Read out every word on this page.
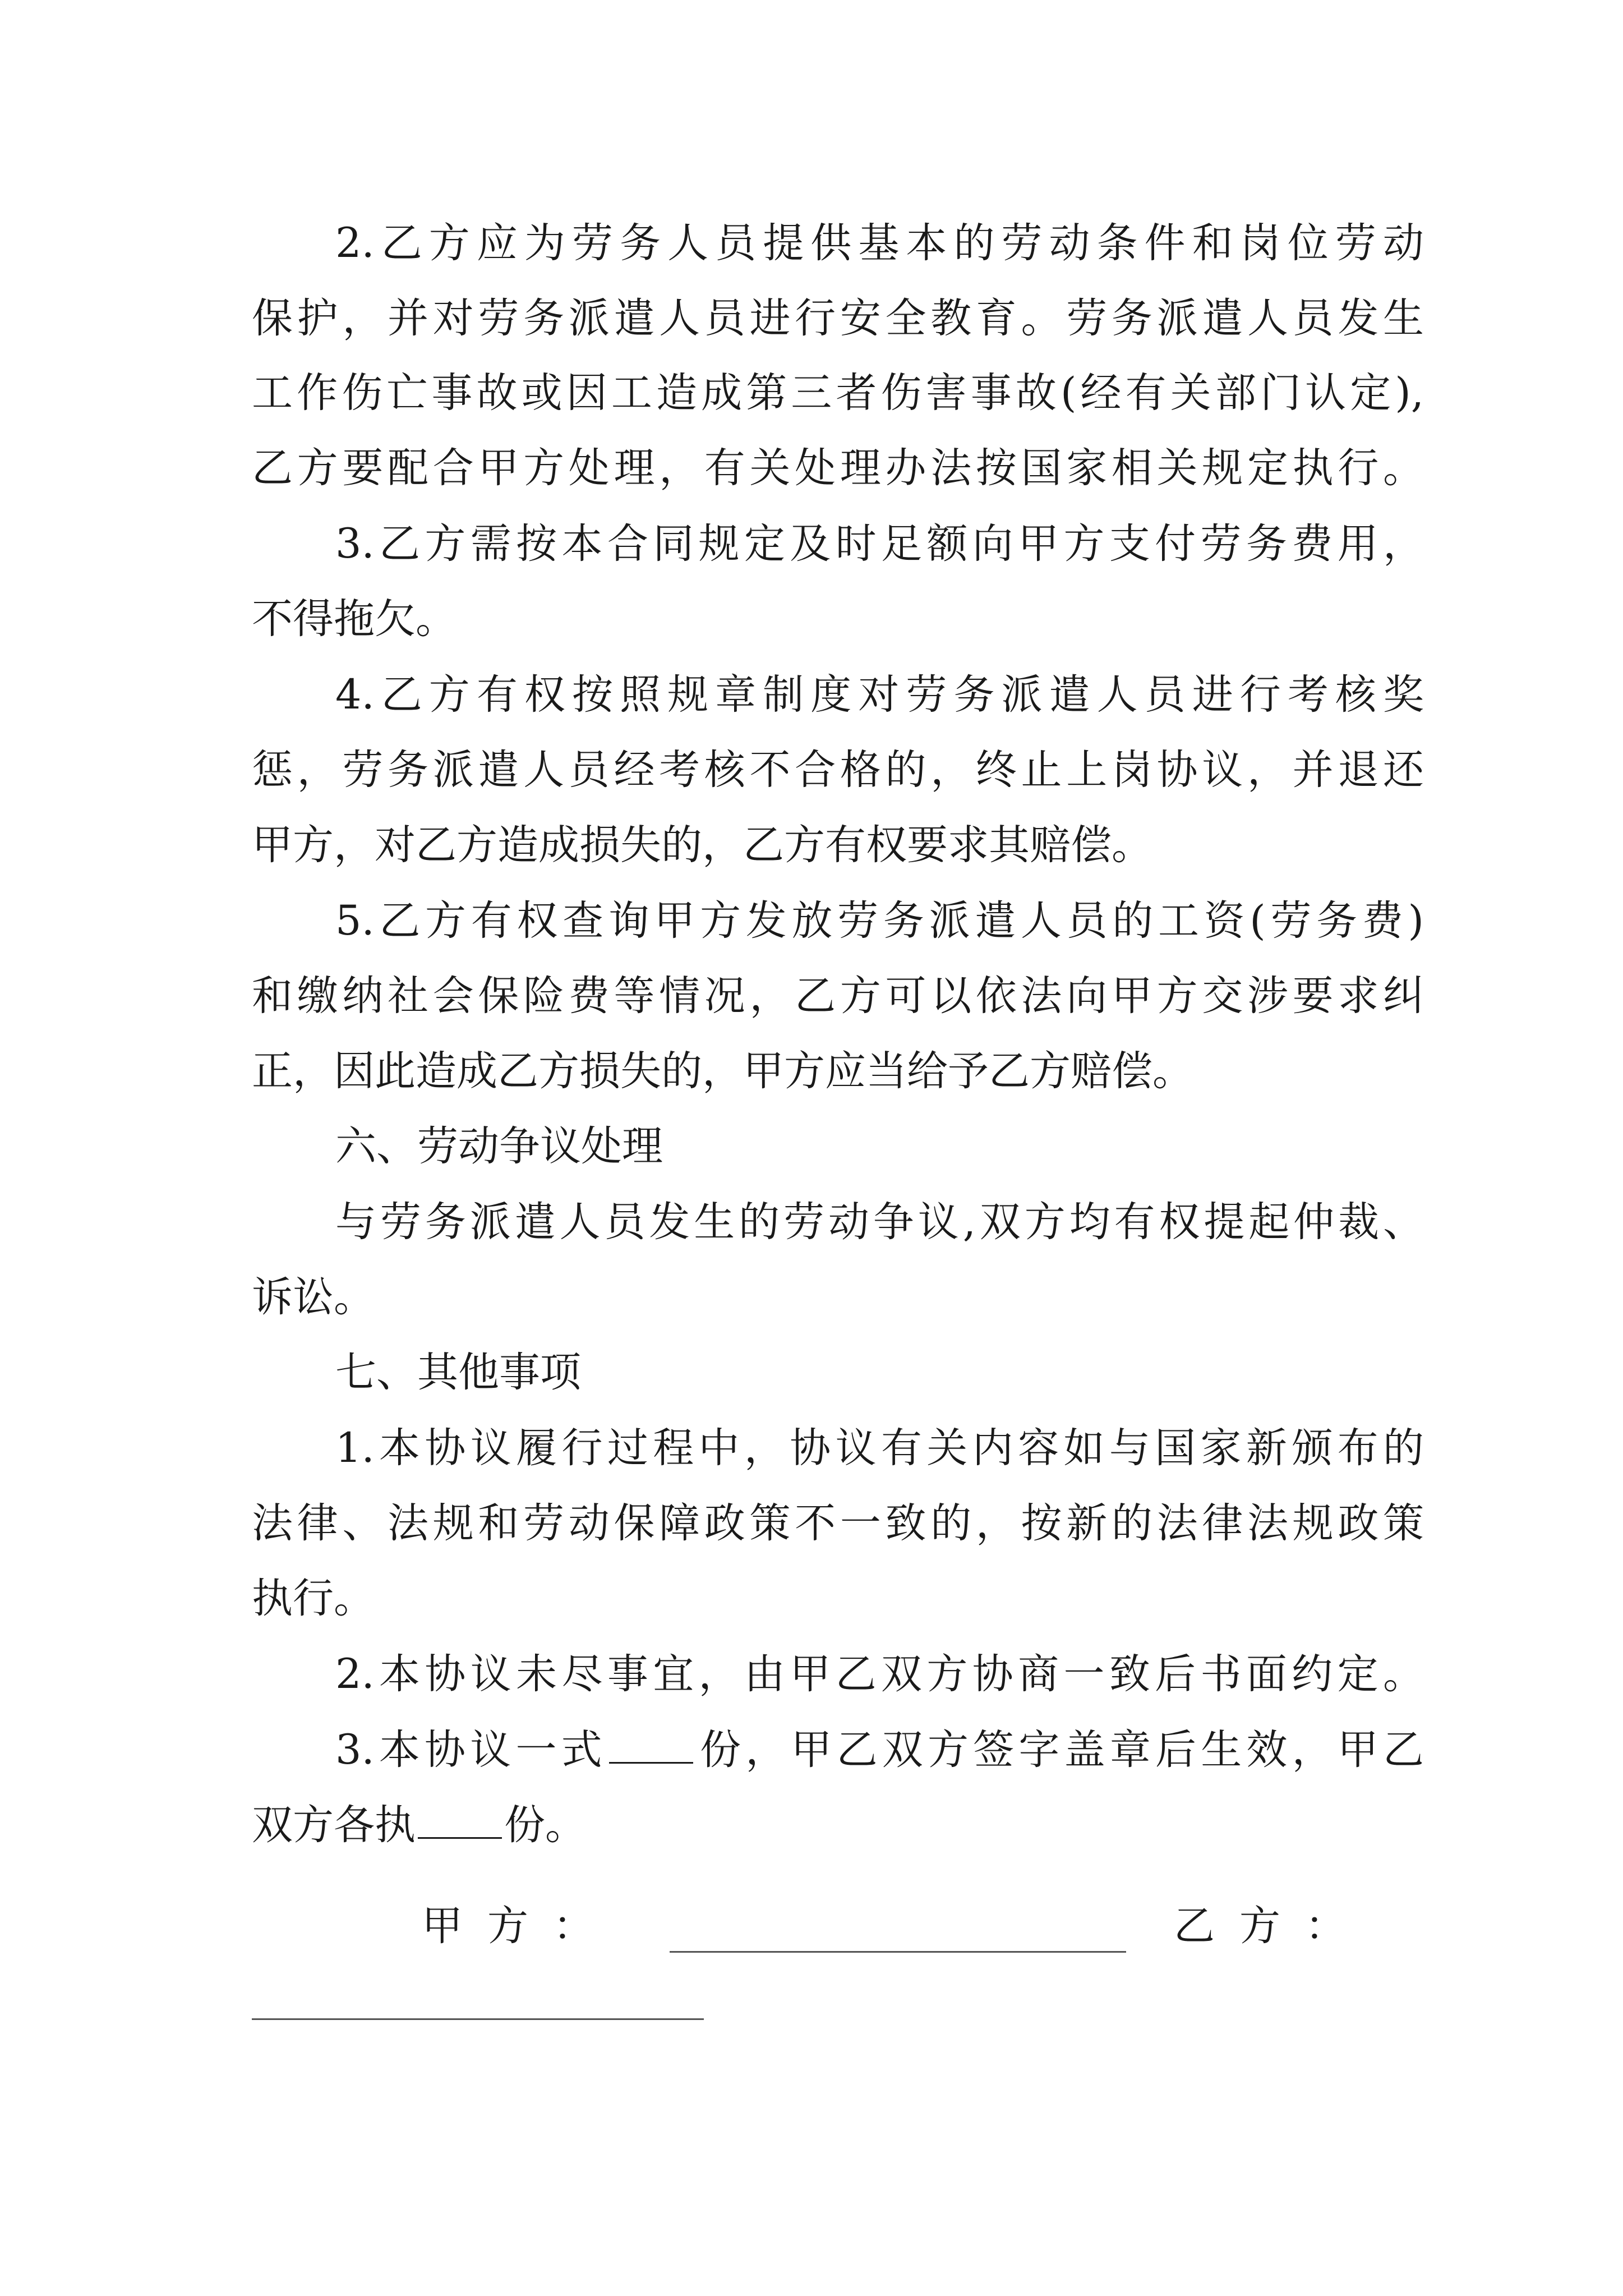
2.乙方应为劳务人员提供基本的劳动条件和岗位劳动
保护，并对劳务派遣人员进行安全教育。劳务派遣人员发生
工作伤亡事故或因工造成第三者伤害事故(经有关部门认定),
乙方要配合甲方处理，有关处理办法按国家相关规定执行。
3.乙方需按本合同规定及时足额向甲方支付劳务费用，
不得拖欠。
4.乙方有权按照规章制度对劳务派遣人员进行考核奖
惩，劳务派遣人员经考核不合格的，终止上岗协议，并退还
甲方，对乙方造成损失的，乙方有权要求其赔偿。
5.乙方有权查询甲方发放劳务派遣人员的工资(劳务费)
和缴纳社会保险费等情况，乙方可以依法向甲方交涉要求纠
正，因此造成乙方损失的，甲方应当给予乙方赔偿。
六、劳动争议处理
与劳务派遣人员发生的劳动争议,双方均有权提起仲裁、
诉讼。
七、其他事项
1.本协议履行过程中，协议有关内容如与国家新颁布的
法律、法规和劳动保障政策不一致的，按新的法律法规政策
执行。
2.本协议未尽事宜，由甲乙双方协商一致后书面约定。
3.本协议一式 份，甲乙双方签字盖章后生效，甲乙
双方各执 份。
甲方：	乙方：
